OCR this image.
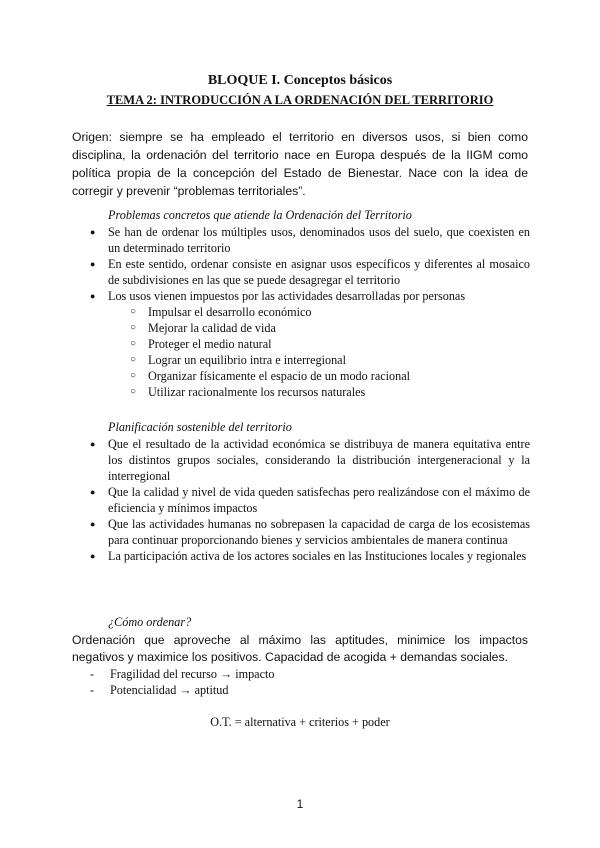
BLOQUE I. Conceptos básicos
TEMA 2: INTRODUCCIÓN A LA ORDENACIÓN DEL TERRITORIO

Origen: siempre se ha empleado el territorio en diversos usos, si bien como disciplina, la ordenación del territorio nace en Europa después de la IIGM como política propia de la concepción del Estado de Bienestar. Nace con la idea de corregir y prevenir “problemas territoriales”.

Problemas concretos que atiende la Ordenación del Territorio
● Se han de ordenar los múltiples usos, denominados usos del suelo, que coexisten en un determinado territorio
● En este sentido, ordenar consiste en asignar usos específicos y diferentes al mosaico de subdivisiones en las que se puede desagregar el territorio
● Los usos vienen impuestos por las actividades desarrolladas por personas
○ Impulsar el desarrollo económico
○ Mejorar la calidad de vida
○ Proteger el medio natural
○ Lograr un equilibrio intra e interregional
○ Organizar físicamente el espacio de un modo racional
○ Utilizar racionalmente los recursos naturales
Planificación sostenible del territorio
● Que el resultado de la actividad económica se distribuya de manera equitativa entre los distintos grupos sociales, considerando la distribución intergeneracional y la interregional
● Que la calidad y nivel de vida queden satisfechas pero realizándose con el máximo de eficiencia y mínimos impactos
● Que las actividades humanas no sobrepasen la capacidad de carga de los ecosistemas para continuar proporcionando bienes y servicios ambientales de manera continua
● La participación activa de los actores sociales en las Instituciones locales y regionales
¿Cómo ordenar?

Ordenación que aproveche al máximo las aptitudes, minimice los impactos negativos y maximice los positivos. Capacidad de acogida + demandas sociales.

- Fragilidad del recurso → impacto
- Potencialidad → aptitud
O.T. = alternativa + criterios + poder
1
